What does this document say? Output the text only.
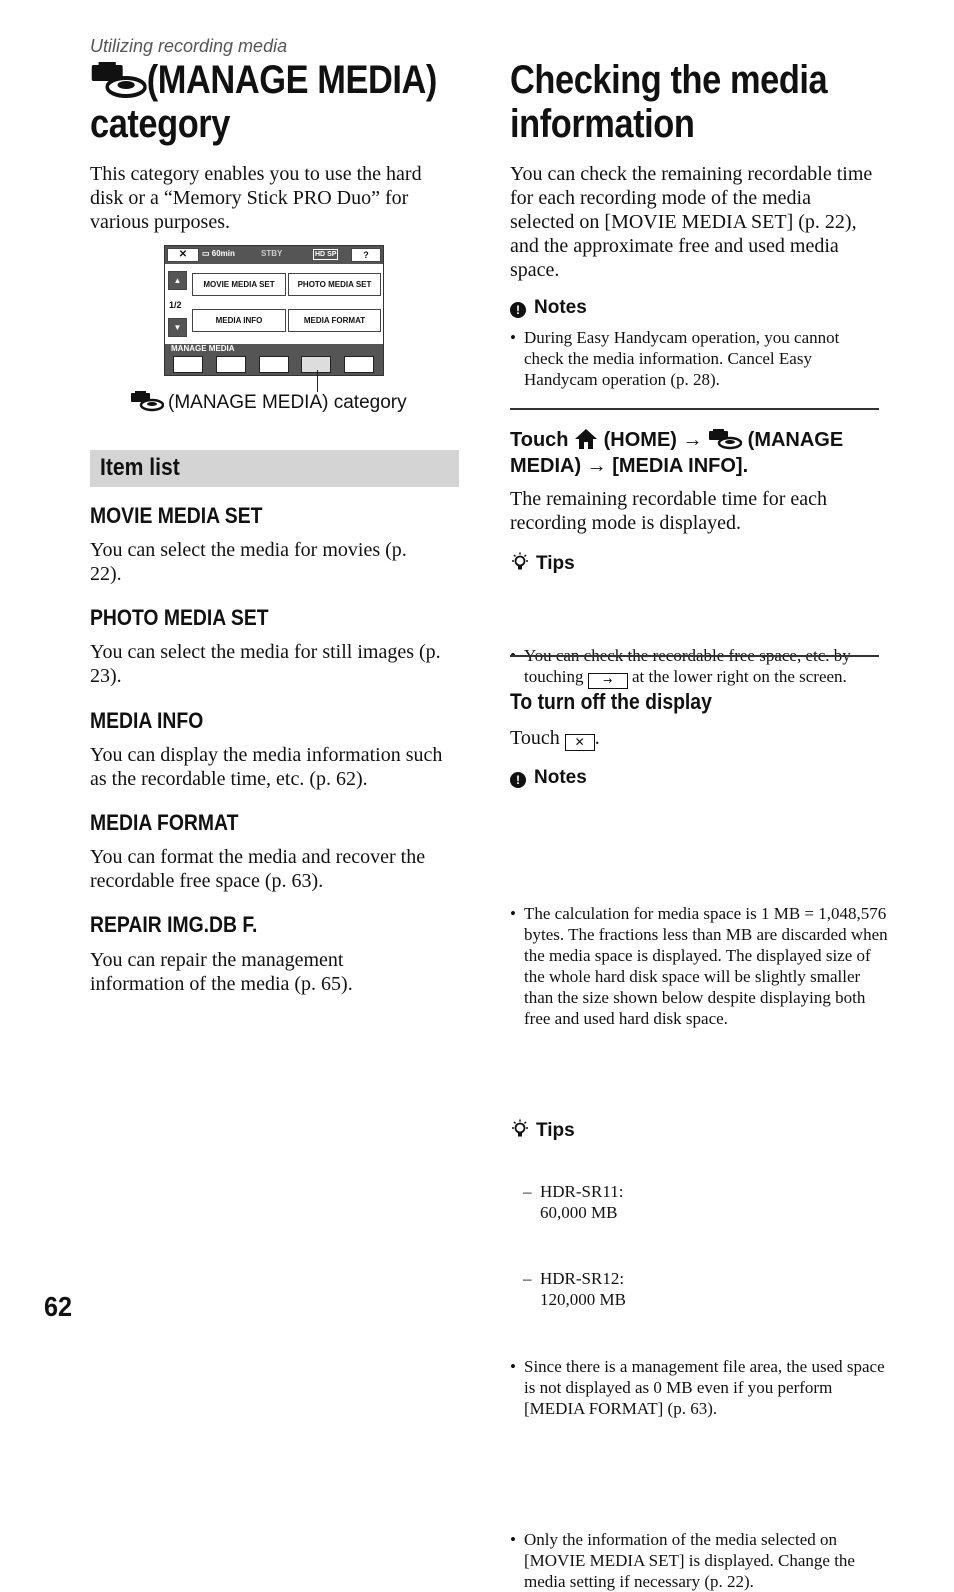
Utilizing recording media
(MANAGE MEDIA)
category
This category enables you to use the hard disk or a “Memory Stick PRO Duo” for various purposes.
✕	▭ 60min	STBY	HD SP	?
▲
1/2
▼
MOVIE MEDIA SET	PHOTO MEDIA SET
MEDIA INFO	MEDIA FORMAT
MANAGE MEDIA
(MANAGE MEDIA) category
Item list
MOVIE MEDIA SET
You can select the media for movies (p. 22).
PHOTO MEDIA SET
You can select the media for still images (p. 23).
MEDIA INFO
You can display the media information such as the recordable time, etc. (p. 62).
MEDIA FORMAT
You can format the media and recover the recordable free space (p. 63).
REPAIR IMG.DB F.
You can repair the management information of the media (p. 65).
Checking the media
information
You can check the remaining recordable time for each recording mode of the media selected on [MOVIE MEDIA SET] (p. 22), and the approximate free and used media space.
! Notes
• During Easy Handycam operation, you cannot check the media information. Cancel Easy Handycam operation (p. 28).
Touch (HOME) → (MANAGE
MEDIA) → [MEDIA INFO].
The remaining recordable time for each recording mode is displayed.
Tips
• You can check the recordable free space, etc. by touching → at the lower right on the screen.
To turn off the display
Touch ✕ .
! Notes
• The calculation for media space is 1 MB = 1,048,576 bytes. The fractions less than MB are discarded when the media space is displayed. The displayed size of the whole hard disk space will be slightly smaller than the size shown below despite displaying both free and used hard disk space.
– HDR-SR11:
60,000 MB
– HDR-SR12:
120,000 MB
• Since there is a management file area, the used space is not displayed as 0 MB even if you perform [MEDIA FORMAT] (p. 63).
Tips
• Only the information of the media selected on [MOVIE MEDIA SET] is displayed. Change the media setting if necessary (p. 22).
62
